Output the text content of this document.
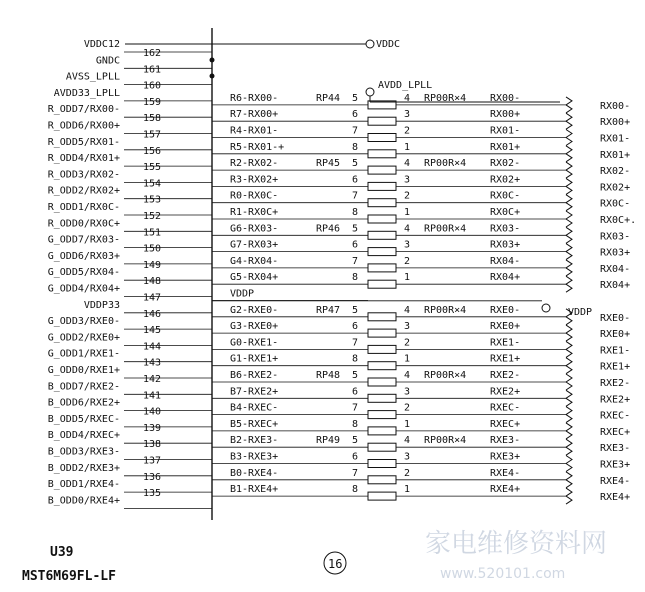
家电维修资料网
www.520101.com
VDDC12
162
GNDC
161
AVSS_LPLL
160
AVDD33_LPLL
159	R6-RX00-	RP44 5	4 RP00R×4 RX00-
RX00-
R_ODD7/RX00-
158	R7-RX00+	6	3	RX00+
RX00+
R_ODD6/RX00+
157	R4-RX01-	7	2	RX01-
RX01-
R_ODD5/RX01-
156	R5-RX01-+	8	1	RX01+
RX01+
R_ODD4/RX01+
155	R2-RX02-	RP45 5	4 RP00R×4 RX02-
RX02-
R_ODD3/RX02-
154	R3-RX02+	6	3	RX02+
RX02+
R_ODD2/RX02+
153	R0-RX0C-	7	2	RX0C-
RX0C-
R_ODD1/RX0C-
152	R1-RX0C+	8	1	RX0C+
RX0C+.
R_ODD0/RX0C+
151	G6-RX03-	RP46 5	4 RP00R×4 RX03-
RX03-
G_ODD7/RX03-
150	G7-RX03+	6	3	RX03+
RX03+
G_ODD6/RX03+
149	G4-RX04-	7	2	RX04-
RX04-
G_ODD5/RX04-
148	G5-RX04+	8	1	RX04+
RX04+
G_ODD4/RX04+
147	VDDP
VDDP33
146	G2-RXE0-	RP47 5	4 RP00R×4 RXE0-
RXE0-
G_ODD3/RXE0-
145	G3-RXE0+	6	3	RXE0+
RXE0+
G_ODD2/RXE0+
144	G0-RXE1-	7	2	RXE1-
RXE1-
G_ODD1/RXE1-
143	G1-RXE1+	8	1	RXE1+
RXE1+
G_ODD0/RXE1+
142	B6-RXE2-	RP48 5	4 RP00R×4 RXE2-
RXE2-
B_ODD7/RXE2-
141	B7-RXE2+	6	3	RXE2+
RXE2+
B_ODD6/RXE2+
140	B4-RXEC-	7	2	RXEC-
RXEC-
B_ODD5/RXEC-
139	B5-RXEC+	8	1	RXEC+
RXEC+
B_ODD4/RXEC+
138	B2-RXE3-	RP49 5	4 RP00R×4 RXE3-
RXE3-
B_ODD3/RXE3-
137	B3-RXE3+	6	3	RXE3+
RXE3+
B_ODD2/RXE3+
136	B0-RXE4-	7	2	RXE4-
RXE4-
B_ODD1/RXE4-
135	B1-RXE4+	8	1	RXE4+
RXE4+
B_ODD0/RXE4+
VDDC
AVDD_LPLL
VDDP
U39
MST6M69FL-LF
16
